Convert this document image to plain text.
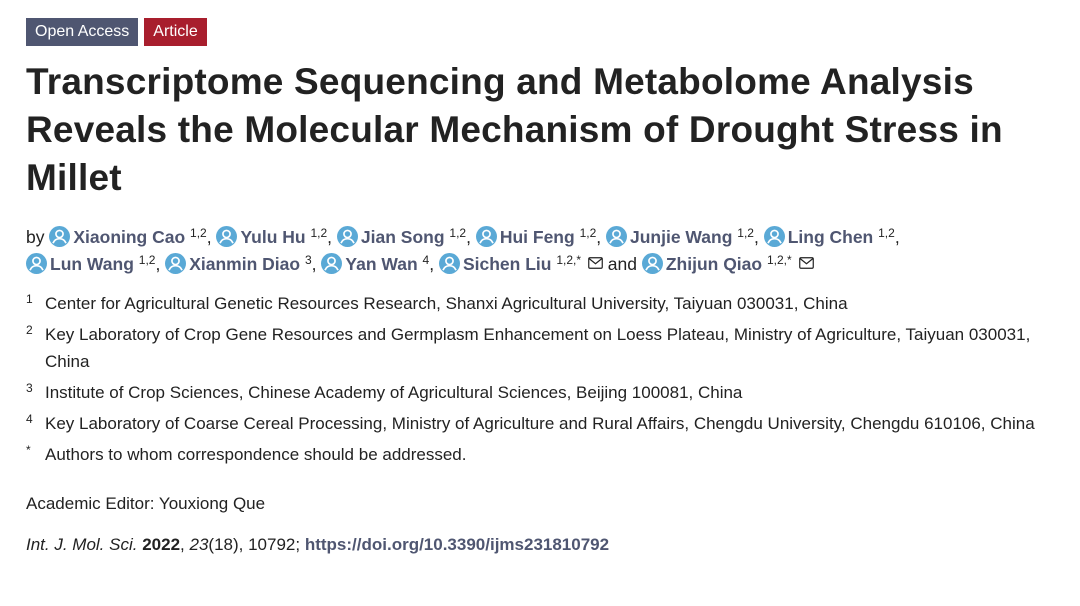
Open Access	Article
Transcriptome Sequencing and Metabolome Analysis Reveals the Molecular Mechanism of Drought Stress in Millet
by Xiaoning Cao $^{1,2}$, Yulu Hu $^{1,2}$, Jian Song $^{1,2}$, Hui Feng $^{1,2}$, Junjie Wang $^{1,2}$, Ling Chen $^{1,2}$,
Lun Wang $^{1,2}$, Xianmin Diao $^3$, Yan Wan $^4$, Sichen Liu $^{1,2,*}$ and Zhijun Qiao $^{1,2,*}$
1 Center for Agricultural Genetic Resources Research, Shanxi Agricultural University, Taiyuan 030031, China
2 Key Laboratory of Crop Gene Resources and Germplasm Enhancement on Loess Plateau, Ministry of Agriculture, Taiyuan 030031, China
3 Institute of Crop Sciences, Chinese Academy of Agricultural Sciences, Beijing 100081, China
4 Key Laboratory of Coarse Cereal Processing, Ministry of Agriculture and Rural Affairs, Chengdu University, Chengdu 610106, China
* Authors to whom correspondence should be addressed.
Academic Editor: Youxiong Que
Int. J. Mol. Sci. 2022, 23(18), 10792; https://doi.org/10.3390/ijms231810792
